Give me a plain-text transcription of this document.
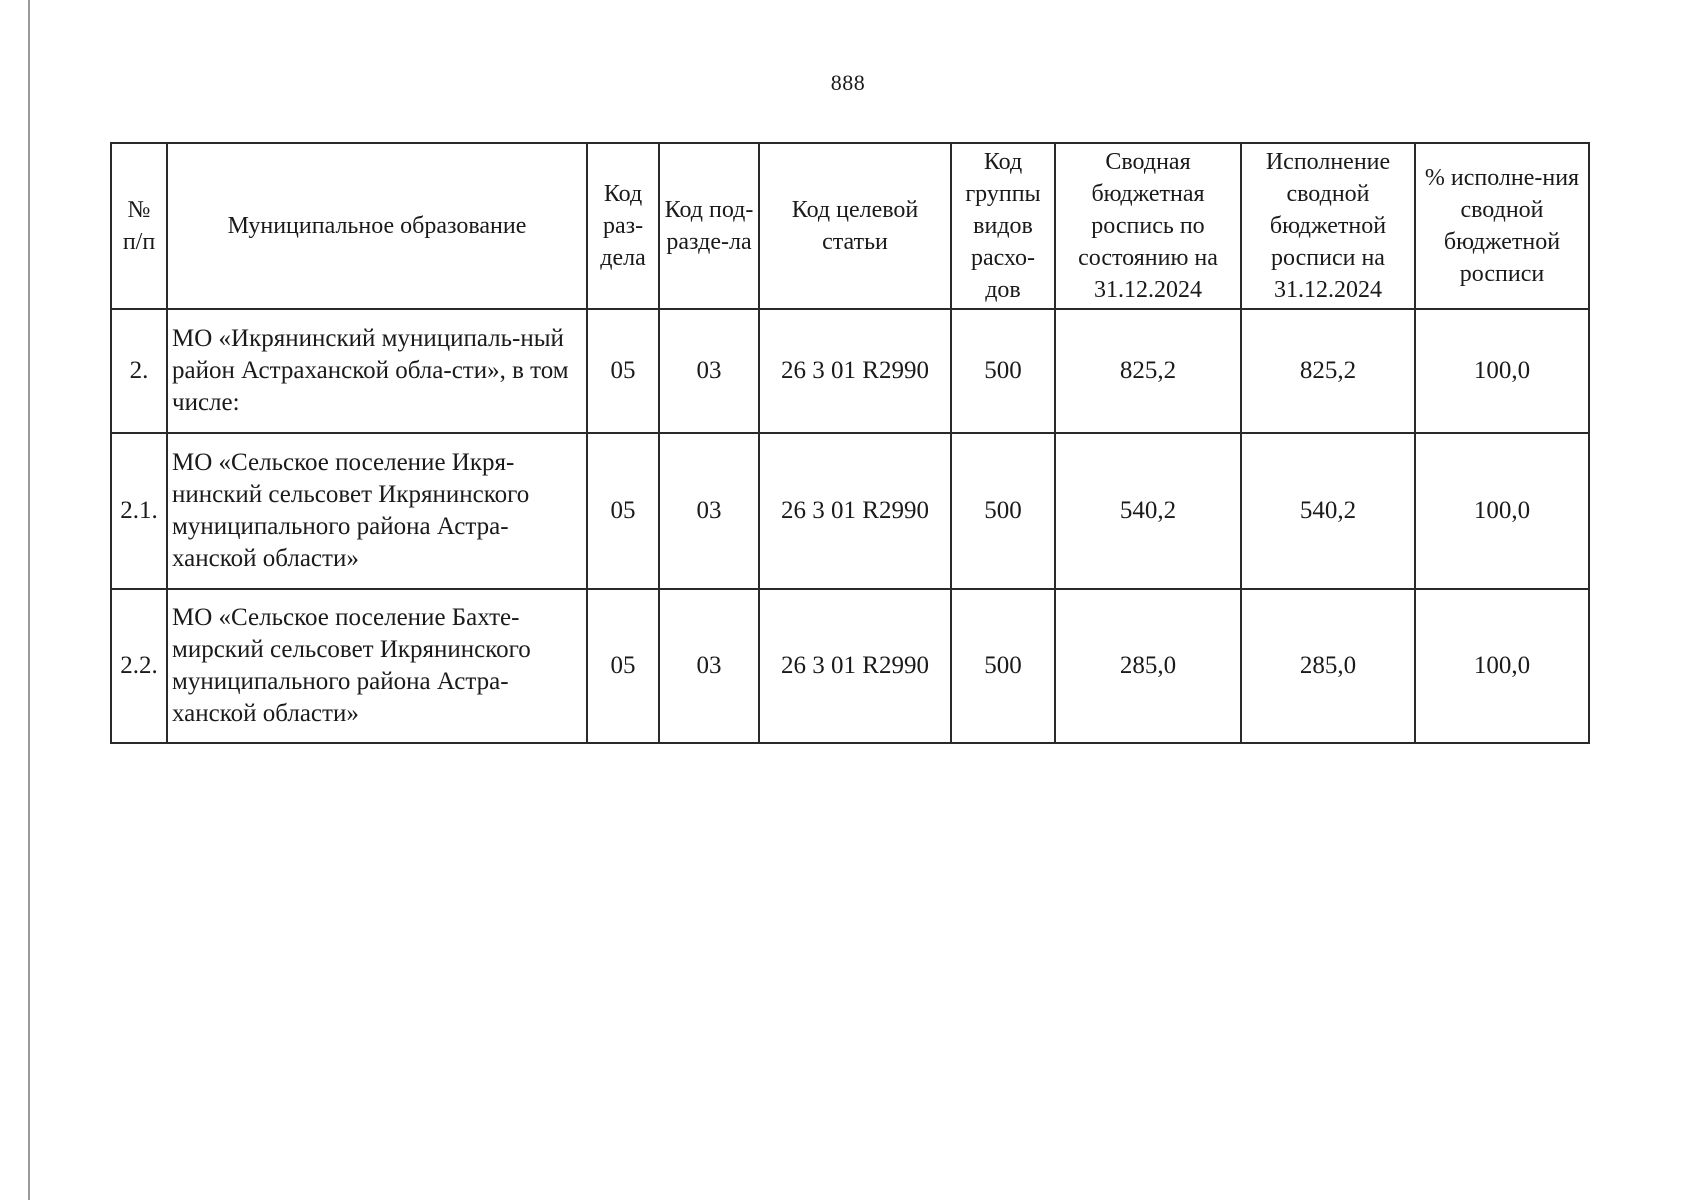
888
№ п/п	Муниципальное образование	Код раз-дела	Код под-разде-ла	Код целевой статьи	Код группы видов расхо-дов	Сводная бюджетная роспись по состоянию на 31.12.2024	Исполнение сводной бюджетной росписи на 31.12.2024	% исполне-ния сводной бюджетной росписи
2.	МО «Икрянинский муниципаль-ный район Астраханской обла-сти», в том числе:	05	03	26 3 01 R2990	500	825,2	825,2	100,0
2.1.	МО «Сельское поселение Икря-нинский сельсовет Икрянинского муниципального района Астра-ханской области»	05	03	26 3 01 R2990	500	540,2	540,2	100,0
2.2.	МО «Сельское поселение Бахте-мирский сельсовет Икрянинского муниципального района Астра-ханской области»	05	03	26 3 01 R2990	500	285,0	285,0	100,0
